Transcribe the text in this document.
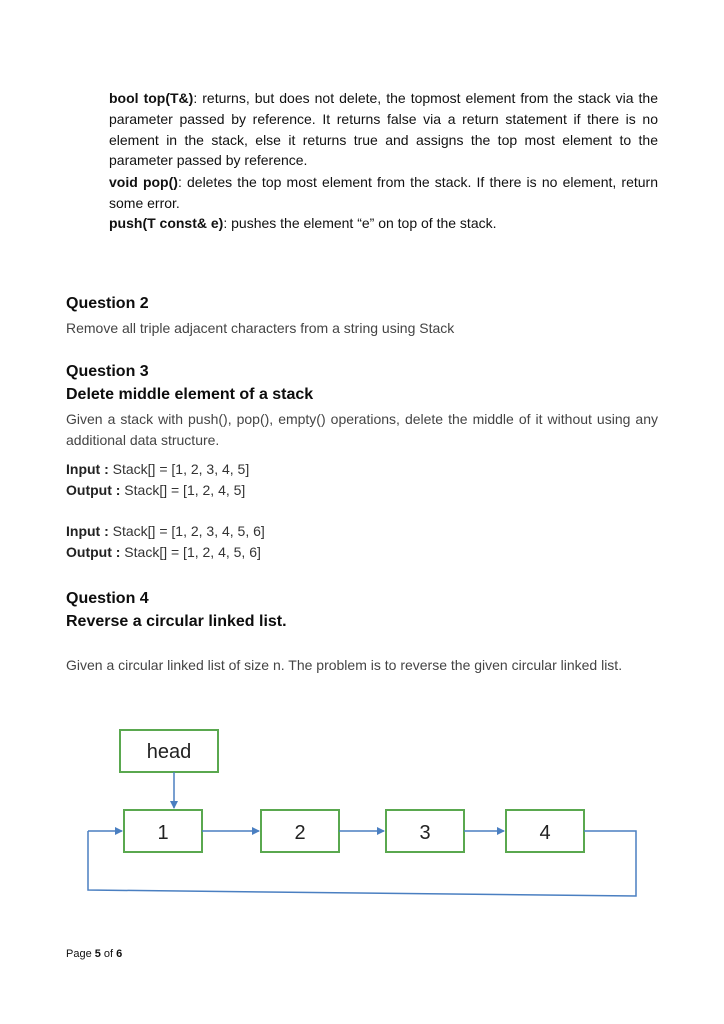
bool top(T&): returns, but does not delete, the topmost element from the stack via the parameter passed by reference. It returns false via a return statement if there is no element in the stack, else it returns true and assigns the top most element to the parameter passed by reference.
void pop(): deletes the top most element from the stack. If there is no element, return some error.
push(T const& e): pushes the element “e” on top of the stack.
Question 2
Remove all triple adjacent characters from a string using Stack
Question 3
Delete middle element of a stack
Given a stack with push(), pop(), empty() operations, delete the middle of it without using any additional data structure.
Input : Stack[] = [1, 2, 3, 4, 5]
Output : Stack[] = [1, 2, 4, 5]
Input : Stack[] = [1, 2, 3, 4, 5, 6]
Output : Stack[] = [1, 2, 4, 5, 6]
Question 4
Reverse a circular linked list.
Given a circular linked list of size n. The problem is to reverse the given circular linked list.
head
1	2	3	4
Page 5 of 6
